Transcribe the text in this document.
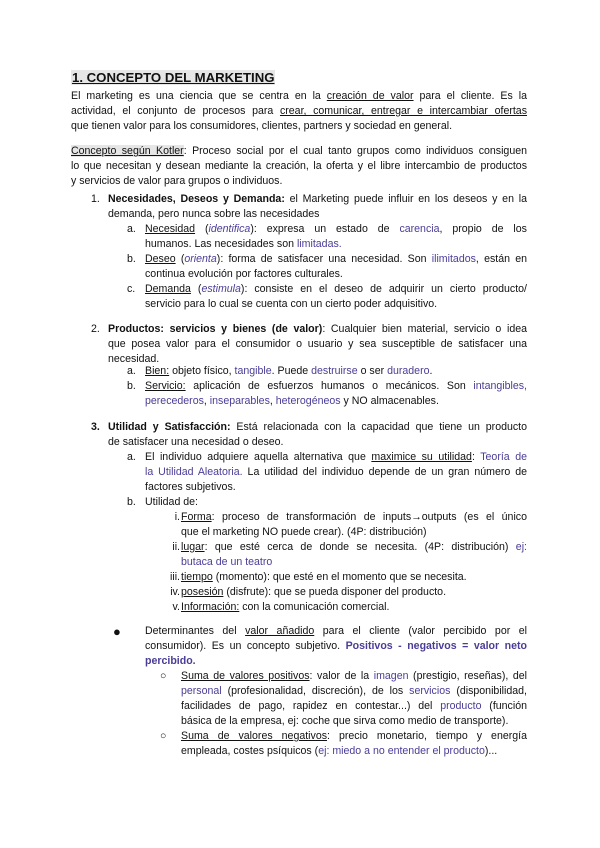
1. CONCEPTO DEL MARKETING
El marketing es una ciencia que se centra en la creación de valor para el cliente. Es la
actividad, el conjunto de procesos para crear, comunicar, entregar e intercambiar ofertas
que tienen valor para los consumidores, clientes, partners y sociedad en general.
Concepto según Kotler: Proceso social por el cual tanto grupos como individuos consiguen
lo que necesitan y desean mediante la creación, la oferta y el libre intercambio de productos
y servicios de valor para grupos o individuos.
1. Necesidades, Deseos y Demanda: el Marketing puede influir en los deseos y en la
demanda, pero nunca sobre las necesidades
a. Necesidad (identifica): expresa un estado de carencia, propio de los
humanos. Las necesidades son limitadas.
b. Deseo (orienta): forma de satisfacer una necesidad. Son ilimitados, están en
continua evolución por factores culturales.
c. Demanda (estimula): consiste en el deseo de adquirir un cierto producto/
servicio para lo cual se cuenta con un cierto poder adquisitivo.
2. Productos: servicios y bienes (de valor): Cualquier bien material, servicio o idea
que posea valor para el consumidor o usuario y sea susceptible de satisfacer una
necesidad.
a. Bien: objeto físico, tangible. Puede destruirse o ser duradero.
b. Servicio: aplicación de esfuerzos humanos o mecánicos. Son intangibles,
perecederos, inseparables, heterogéneos y NO almacenables.
3. Utilidad y Satisfacción: Está relacionada con la capacidad que tiene un producto
de satisfacer una necesidad o deseo.
a. El individuo adquiere aquella alternativa que maximice su utilidad: Teoría de
la Utilidad Aleatoria. La utilidad del individuo depende de un gran número de
factores subjetivos.
b. Utilidad de:
i. Forma: proceso de transformación de inputs→outputs (es el único
que el marketing NO puede crear). (4P: distribución)
ii. lugar: que esté cerca de donde se necesita. (4P: distribución) ej:
butaca de un teatro
iii. tiempo (momento): que esté en el momento que se necesita.
iv. posesión (disfrute): que se pueda disponer del producto.
v. Información: con la comunicación comercial.
● Determinantes del valor añadido para el cliente (valor percibido por el
consumidor). Es un concepto subjetivo. Positivos - negativos = valor neto
percibido.
○ Suma de valores positivos: valor de la imagen (prestigio, reseñas), del
personal (profesionalidad, discreción), de los servicios (disponibilidad,
facilidades de pago, rapidez en contestar...) del producto (función
básica de la empresa, ej: coche que sirva como medio de transporte).
○ Suma de valores negativos: precio monetario, tiempo y energía
empleada, costes psíquicos (ej: miedo a no entender el producto)...
